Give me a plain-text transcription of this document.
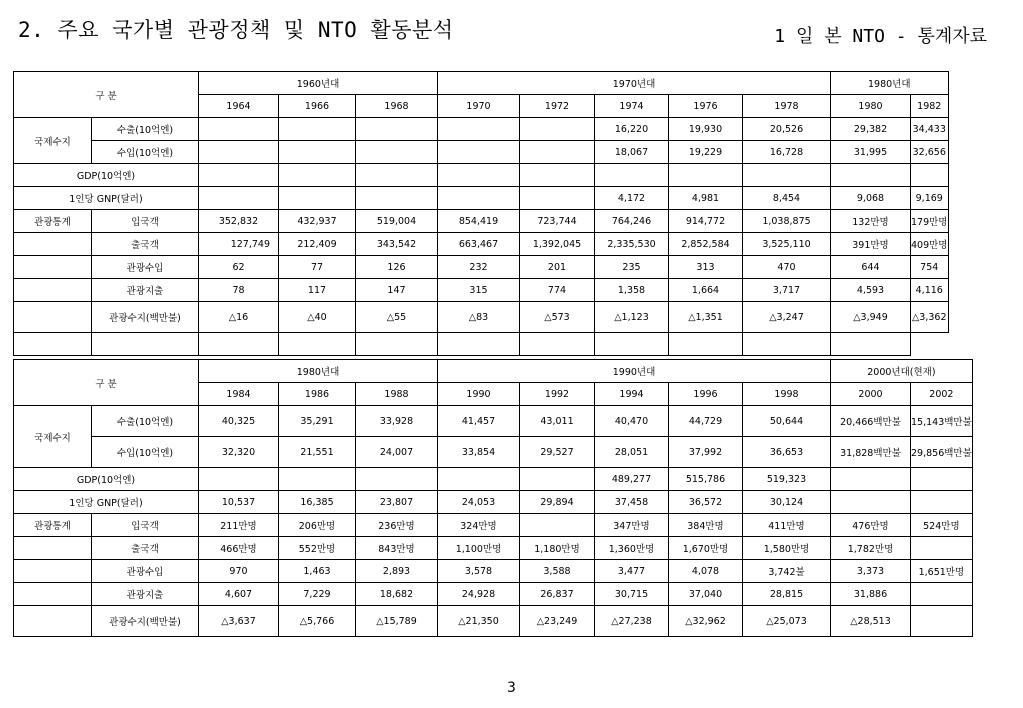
2. 주요 국가별 관광정책 및 NTO 활동분석	1 일 본 NTO - 통계자료
구 분		1960년대			1970년대					1980년대	
		1964	1966	1968	1970	1972	1974	1976	1978	1980	1982
국제수지	수출(10억엔)						16,220	19,930	20,526	29,382	34,433
	수입(10억엔)						18,067	19,229	16,728	31,995	32,656
GDP(10억엔)											
1인당 GNP(달러)							4,172	4,981	8,454	9,068	9,169
관광통계	입국객	352,832	432,937	519,004	854,419	723,744	764,246	914,772	1,038,875	132만명	179만명
	출국객	127,749	212,409	343,542	663,467	1,392,045	2,335,530	2,852,584	3,525,110	391만명	409만명
	관광수입	62	77	126	232	201	235	313	470	644	754
	관광지출	78	117	147	315	774	1,358	1,664	3,717	4,593	4,116
	관광수지(백만불)	△16	△40	△55	△83	△573	△1,123	△1,351	△3,247	△3,949	△3,362

구 분		1980년대			1990년대					2000년대(현재)	
		1984	1986	1988	1990	1992	1994	1996	1998	2000	2002
국제수지	수출(10억엔)	40,325	35,291	33,928	41,457	43,011	40,470	44,729	50,644	20,466백만불	15,143백만불
	수입(10억엔)	32,320	21,551	24,007	33,854	29,527	28,051	37,992	36,653	31,828백만불	29,856백만불
GDP(10억엔)							489,277	515,786	519,323		
1인당 GNP(달러)		10,537	16,385	23,807	24,053	29,894	37,458	36,572	30,124		
관광통계	입국객	211만명	206만명	236만명	324만명		347만명	384만명	411만명	476만명	524만명
	출국객	466만명	552만명	843만명	1,100만명	1,180만명	1,360만명	1,670만명	1,580만명	1,782만명	
	관광수입	970	1,463	2,893	3,578	3,588	3,477	4,078	3,742불	3,373	1,651만명
	관광지출	4,607	7,229	18,682	24,928	26,837	30,715	37,040	28,815	31,886	
	관광수지(백만불)	△3,637	△5,766	△15,789	△21,350	△23,249	△27,238	△32,962	△25,073	△28,513	
3
